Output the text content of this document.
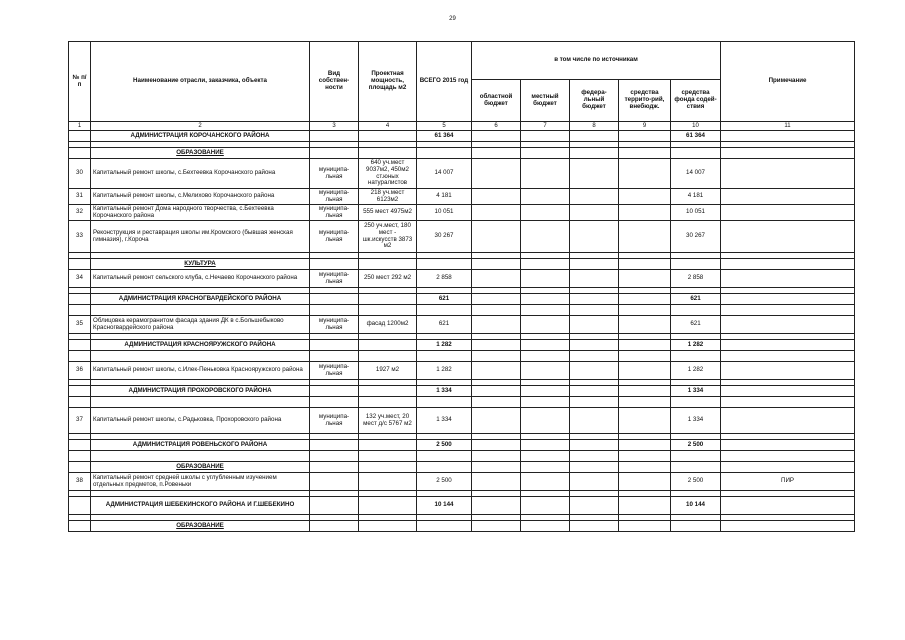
29
№ п/п	Наименование отрасли, заказчика, объекта	Вид собствен-ности	Проектная мощность, площадь м2	ВСЕГО 2015 год	в том числе по источникам					Примечание
					областной бюджет	местный бюджет	федера-льный бюджет	средства террито-рий, внебюдж.	средства фонда содей-ствия	
1	2	3	4	5	6	7	8	9	10	11
	АДМИНИСТРАЦИЯ КОРОЧАНСКОГО РАЙОНА			61 364					61 364	

	ОБРАЗОВАНИЕ									
30	Капитальный ремонт школы, с.Бехтеевка Корочанского района	муниципа-льная	640 уч.мест 9037м2, 450м2 ст.юных натуралистов	14 007					14 007	
31	Капитальный ремонт школы, с.Мелихово Корочанского района	муниципа-льная	218 уч.мест 6123м2	4 181					4 181	
32	Капитальный ремонт Дома народного творчества, с.Бехтеевка Корочанского района	муниципа-льная	555 мест 4975м2	10 051					10 051	
33	Реконструкция и реставрация школы им.Кромского (бывшая женская гимназия), г.Короча	муниципа-льная	250 уч.мест, 180 мест - шк.искусств 3873 м2	30 267					30 267	

	КУЛЬТУРА									
34	Капитальный ремонт сельского клуба, с.Нечаево Корочанского района	муниципа-льная	250 мест 292 м2	2 858					2 858	

	АДМИНИСТРАЦИЯ КРАСНОГВАРДЕЙСКОГО РАЙОНА			621					621	

35	Облицовка керамогранитом фасада здания ДК в с.Большебыково Красногвардейского района	муниципа-льная	фасад 1200м2	621					621	

	АДМИНИСТРАЦИЯ КРАСНОЯРУЖСКОГО РАЙОНА			1 282					1 282	

36	Капитальный ремонт школы, с.Илек-Пеньковка Краснояружского района	муниципа-льная	1927 м2	1 282					1 282	

	АДМИНИСТРАЦИЯ ПРОХОРОВСКОГО РАЙОНА			1 334					1 334	

37	Капитальный ремонт школы, с.Радьковка, Прохоровского района	муниципа-льная	132 уч.мест, 20 мест д/с 5767 м2	1 334					1 334	

	АДМИНИСТРАЦИЯ РОВЕНЬСКОГО РАЙОНА			2 500					2 500	

	ОБРАЗОВАНИЕ									
38	Капитальный ремонт средней школы с углубленным изучением отдельных предметов, п.Ровеньки			2 500					2 500	ПИР

	АДМИНИСТРАЦИЯ ШЕБЕКИНСКОГО РАЙОНА И Г.ШЕБЕКИНО			10 144					10 144	

	ОБРАЗОВАНИЕ									
